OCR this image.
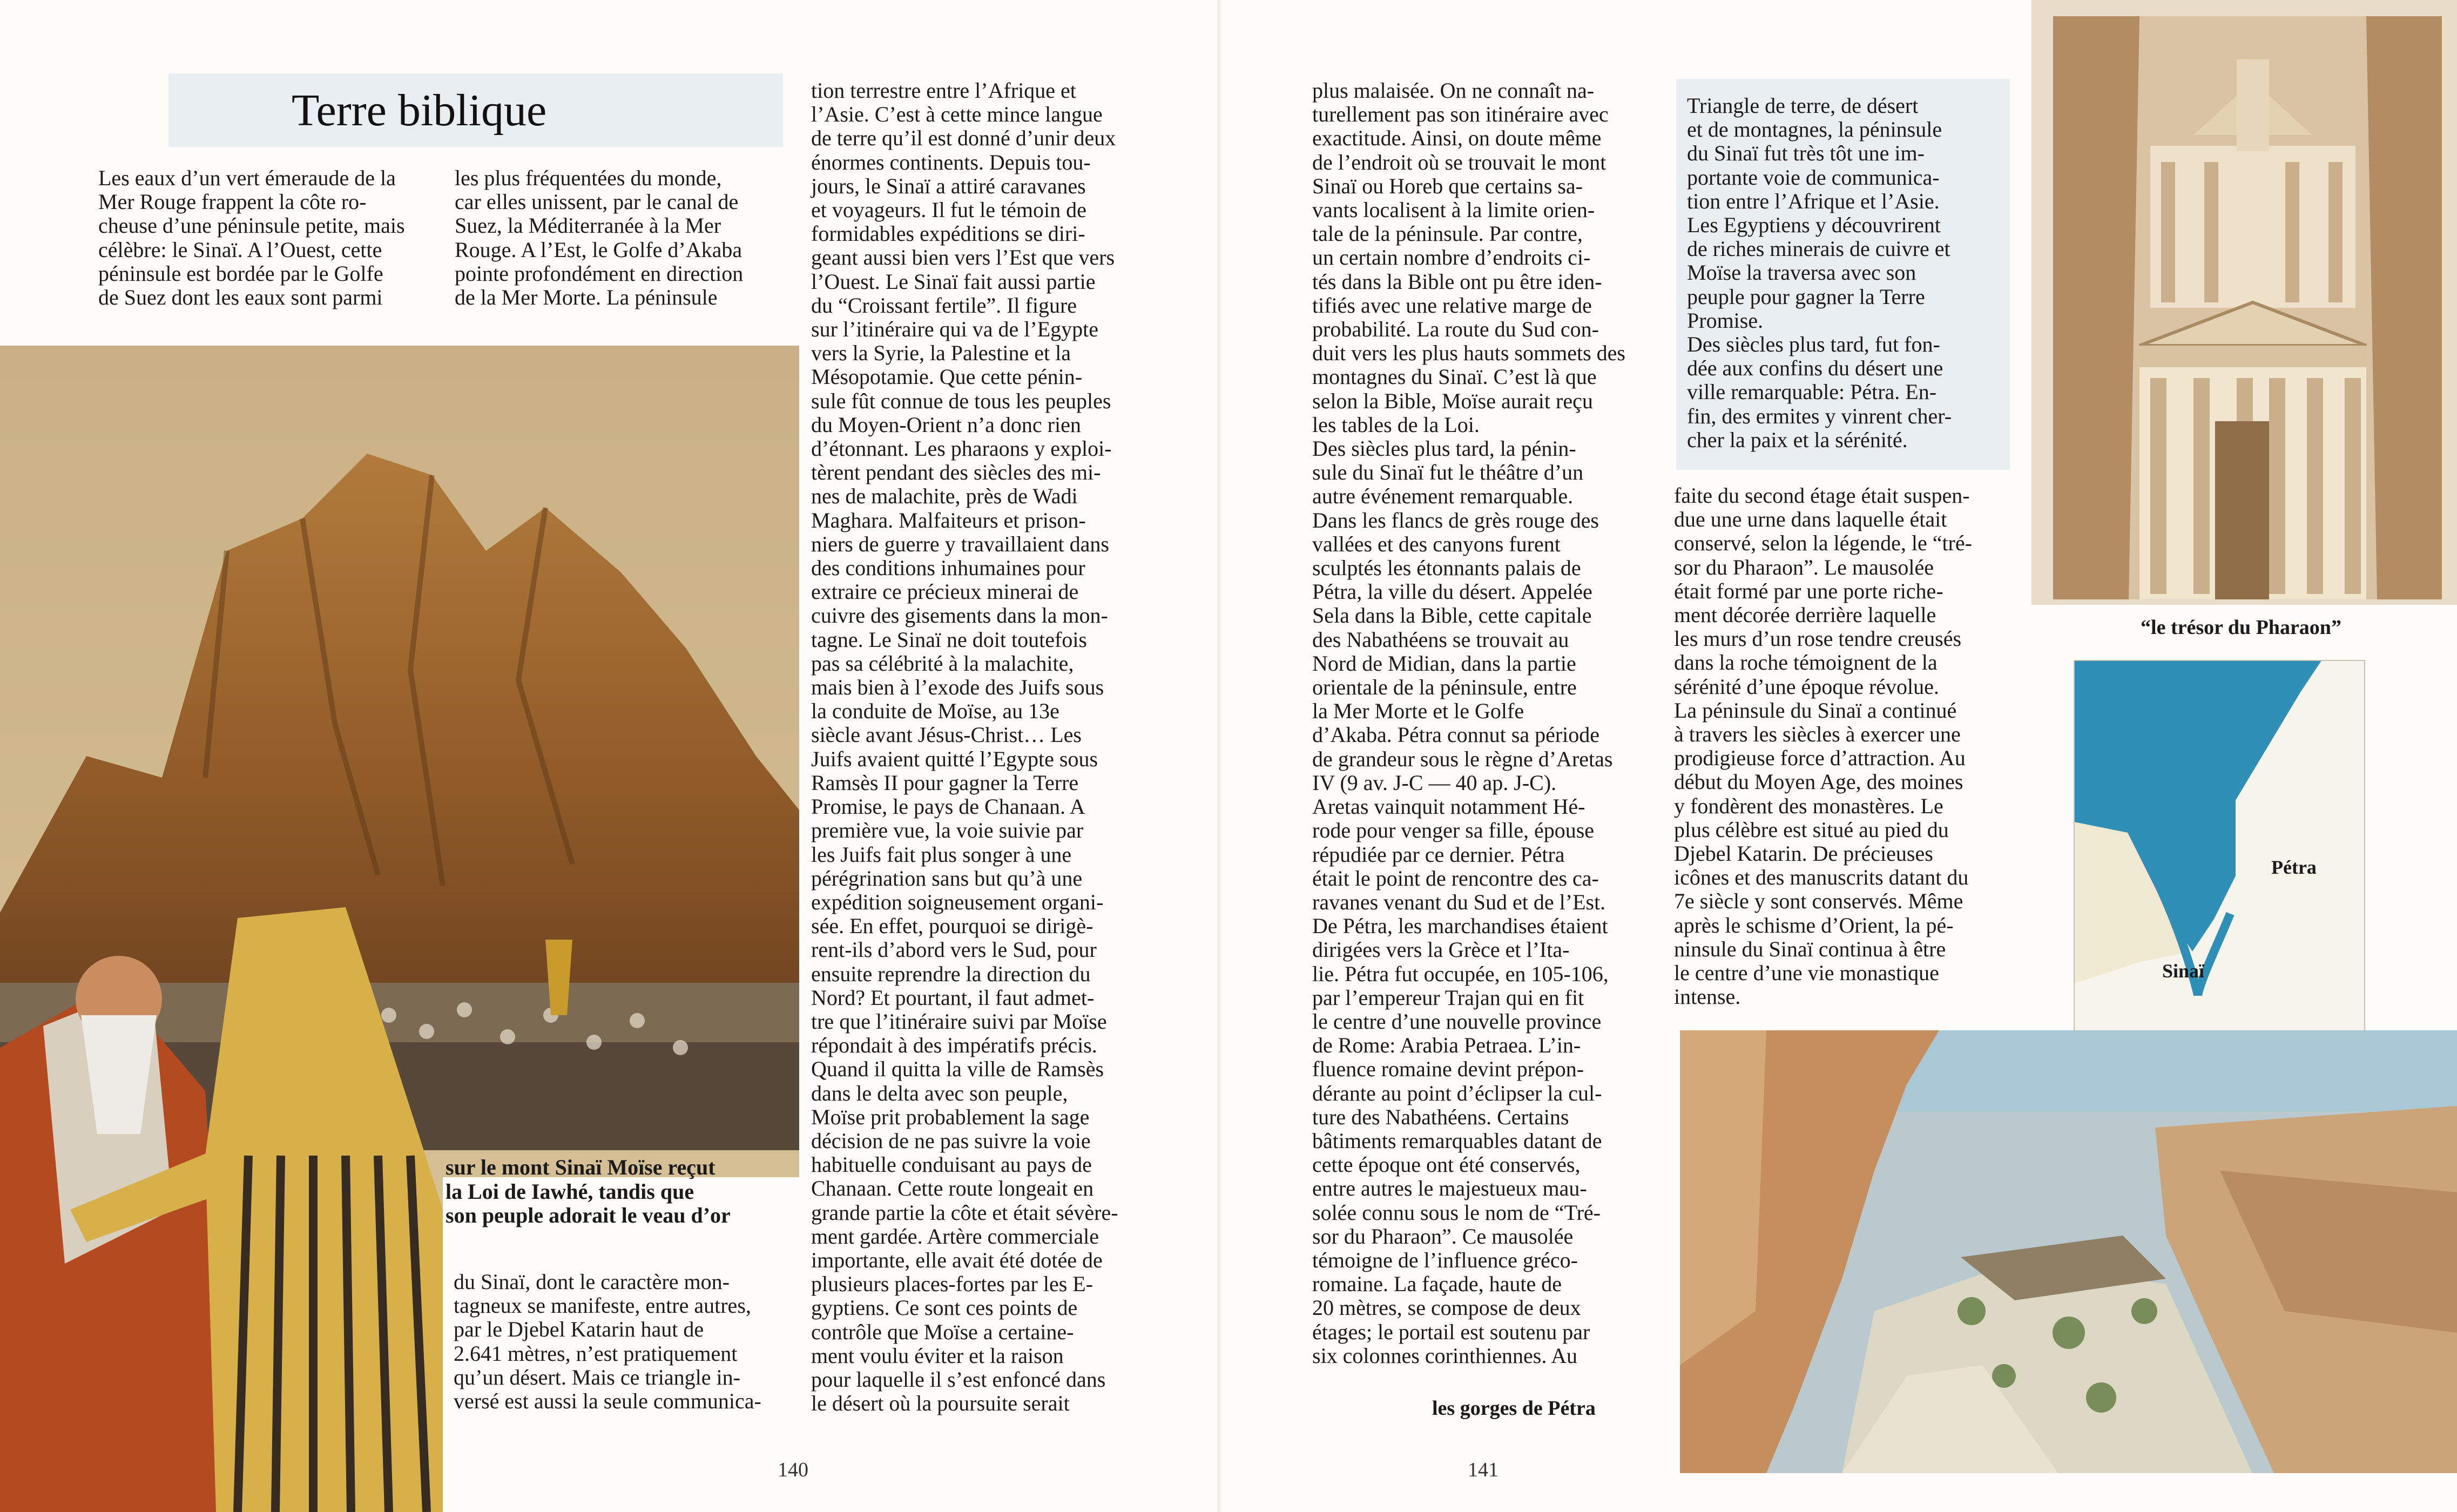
Terre biblique

Les eaux d’un vert émeraude de la
Mer Rouge frappent la côte ro-
cheuse d’une péninsule petite, mais
célèbre: le Sinaï. A l’Ouest, cette
péninsule est bordée par le Golfe
de Suez dont les eaux sont parmi

les plus fréquentées du monde,
car elles unissent, par le canal de
Suez, la Méditerranée à la Mer
Rouge. A l’Est, le Golfe d’Akaba
pointe profondément en direction
de la Mer Morte. La péninsule

sur le mont Sinaï Moïse reçut
la Loi de Iawhé, tandis que
son peuple adorait le veau d’or

du Sinaï, dont le caractère mon-
tagneux se manifeste, entre autres,
par le Djebel Katarin haut de
2.641 mètres, n’est pratiquement
qu’un désert. Mais ce triangle in-
versé est aussi la seule communica-

tion terrestre entre l’Afrique et
l’Asie. C’est à cette mince langue
de terre qu’il est donné d’unir deux
énormes continents. Depuis tou-
jours, le Sinaï a attiré caravanes
et voyageurs. Il fut le témoin de
formidables expéditions se diri-
geant aussi bien vers l’Est que vers
l’Ouest. Le Sinaï fait aussi partie
du “Croissant fertile”. Il figure
sur l’itinéraire qui va de l’Egypte
vers la Syrie, la Palestine et la
Mésopotamie. Que cette pénin-
sule fût connue de tous les peuples
du Moyen-Orient n’a donc rien
d’étonnant. Les pharaons y exploi-
tèrent pendant des siècles des mi-
nes de malachite, près de Wadi
Maghara. Malfaiteurs et prison-
niers de guerre y travaillaient dans
des conditions inhumaines pour
extraire ce précieux minerai de
cuivre des gisements dans la mon-
tagne. Le Sinaï ne doit toutefois
pas sa célébrité à la malachite,
mais bien à l’exode des Juifs sous
la conduite de Moïse, au 13e
siècle avant Jésus-Christ… Les
Juifs avaient quitté l’Egypte sous
Ramsès II pour gagner la Terre
Promise, le pays de Chanaan. A
première vue, la voie suivie par
les Juifs fait plus songer à une
pérégrination sans but qu’à une
expédition soigneusement organi-
sée. En effet, pourquoi se dirigè-
rent-ils d’abord vers le Sud, pour
ensuite reprendre la direction du
Nord? Et pourtant, il faut admet-
tre que l’itinéraire suivi par Moïse
répondait à des impératifs précis.
Quand il quitta la ville de Ramsès
dans le delta avec son peuple,
Moïse prit probablement la sage
décision de ne pas suivre la voie
habituelle conduisant au pays de
Chanaan. Cette route longeait en
grande partie la côte et était sévère-
ment gardée. Artère commerciale
importante, elle avait été dotée de
plusieurs places-fortes par les E-
gyptiens. Ce sont ces points de
contrôle que Moïse a certaine-
ment voulu éviter et la raison
pour laquelle il s’est enfoncé dans
le désert où la poursuite serait

140

plus malaisée. On ne connaît na-
turellement pas son itinéraire avec
exactitude. Ainsi, on doute même
de l’endroit où se trouvait le mont
Sinaï ou Horeb que certains sa-
vants localisent à la limite orien-
tale de la péninsule. Par contre,
un certain nombre d’endroits ci-
tés dans la Bible ont pu être iden-
tifiés avec une relative marge de
probabilité. La route du Sud con-
duit vers les plus hauts sommets des
montagnes du Sinaï. C’est là que
selon la Bible, Moïse aurait reçu
les tables de la Loi.
Des siècles plus tard, la pénin-
sule du Sinaï fut le théâtre d’un
autre événement remarquable.
Dans les flancs de grès rouge des
vallées et des canyons furent
sculptés les étonnants palais de
Pétra, la ville du désert. Appelée
Sela dans la Bible, cette capitale
des Nabathéens se trouvait au
Nord de Midian, dans la partie
orientale de la péninsule, entre
la Mer Morte et le Golfe
d’Akaba. Pétra connut sa période
de grandeur sous le règne d’Aretas
IV (9 av. J-C — 40 ap. J-C).
Aretas vainquit notamment Hé-
rode pour venger sa fille, épouse
répudiée par ce dernier. Pétra
était le point de rencontre des ca-
ravanes venant du Sud et de l’Est.
De Pétra, les marchandises étaient
dirigées vers la Grèce et l’Ita-
lie. Pétra fut occupée, en 105-106,
par l’empereur Trajan qui en fit
le centre d’une nouvelle province
de Rome: Arabia Petraea. L’in-
fluence romaine devint prépon-
dérante au point d’éclipser la cul-
ture des Nabathéens. Certains
bâtiments remarquables datant de
cette époque ont été conservés,
entre autres le majestueux mau-
solée connu sous le nom de “Tré-
sor du Pharaon”. Ce mausolée
témoigne de l’influence gréco-
romaine. La façade, haute de
20 mètres, se compose de deux
étages; le portail est soutenu par
six colonnes corinthiennes. Au

Triangle de terre, de désert
et de montagnes, la péninsule
du Sinaï fut très tôt une im-
portante voie de communica-
tion entre l’Afrique et l’Asie.
Les Egyptiens y découvrirent
de riches minerais de cuivre et
Moïse la traversa avec son
peuple pour gagner la Terre
Promise.
Des siècles plus tard, fut fon-
dée aux confins du désert une
ville remarquable: Pétra. En-
fin, des ermites y vinrent cher-
cher la paix et la sérénité.

faite du second étage était suspen-
due une urne dans laquelle était
conservé, selon la légende, le “tré-
sor du Pharaon”. Le mausolée
était formé par une porte riche-
ment décorée derrière laquelle
les murs d’un rose tendre creusés
dans la roche témoignent de la
sérénité d’une époque révolue.
La péninsule du Sinaï a continué
à travers les siècles à exercer une
prodigieuse force d’attraction. Au
début du Moyen Age, des moines
y fondèrent des monastères. Le
plus célèbre est situé au pied du
Djebel Katarin. De précieuses
icônes et des manuscrits datant du
7e siècle y sont conservés. Même
après le schisme d’Orient, la pé-
ninsule du Sinaï continua à être
le centre d’une vie monastique
intense.

“le trésor du Pharaon”
Pétra
Sinaï
les gorges de Pétra
141
